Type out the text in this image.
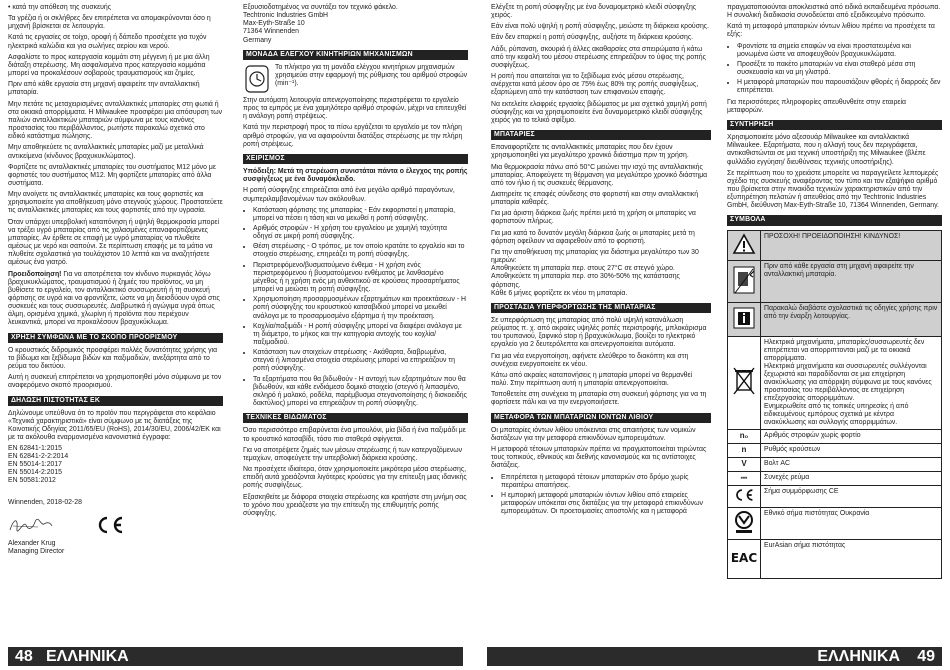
• κατά την απόθεση της συσκευής

Τα γρέζια ή οι σκλήθρες δεν επιτρέπεται να απομακρύνονται όσο η μηχανή βρίσκεται σε λειτουργία.

Κατά τις εργασίες σε τοίχο, οροφή ή δάπεδο προσέχετε για τυχόν ηλεκτρικά καλώδια και για σωλήνες αερίου και νερού.

Ασφαλίστε το προς κατεργασία κομμάτι στη μέγγενη ή με μια άλλη διάταξη στερέωσης. Μη ασφαλισμένα προς κατεργασία κομμάτια μπορεί να προκαλέσουν σοβαρούς τραυματισμούς και ζημίες.

Πριν από κάθε εργασία στη μηχανή αφαιρείτε την ανταλλακτική μπαταρία.

Μην πετάτε τις μεταχειρισμένες ανταλλακτικές μπαταρίες στη φωτιά ή στα οικιακά απορρίμματα. Η Milwaukee προσφέρει μια απόσυρση των παλιών ανταλλακτικών μπαταριών σύμφωνα με τους κανόνες προστασίας του περιβάλλοντος, ρωτήστε παρακαλώ σχετικά στο ειδικό κατάστημα πώλησης.

Μην αποθηκεύετε τις ανταλλακτικές μπαταρίες μαζί με μεταλλικά αντικείμενα (κίνδυνος βραχυκυκλώματος).

Φορτίζετε τις ανταλλακτικές μπαταρίες του συστήματος M12 μόνο με φορτιστές του συστήματος M12. Μη φορτίζετε μπαταρίες από άλλα συστήματα.

Μην ανοίγετε τις ανταλλακτικές μπαταρίες και τους φορτιστές και χρησιμοποιείτε για αποθήκευση μόνο στεγνούς χώρους. Προστατεύετε τις ανταλλακτικές μπαταρίες και τους φορτιστές από την υγρασία.

Όταν υπάρχει υπερβολική καταπόνηση ή υψηλή θερμοκρασία μπορεί να τρέξει υγρό μπαταρίας από τις χαλασμένες επαναφορτιζόμενες μπαταρίες. Αν έρθετε σε επαφή με υγρό μπαταρίας να πλυθείτε αμέσως με νερό και σαπούνι. Σε περίπτωση επαφής με τα μάτια να πλυθείτε σχολαστικά για τουλάχιστον 10 λεπτά και να αναζητήσετε αμέσως ένα γιατρό.

Προειδοποίηση! Για να αποτρέπεται τον κίνδυνο πυρκαγιάς λόγω βραχυκυκλώματος, τραυματισμού ή ζημιές του προϊόντος, να μη βυθίσετε το εργαλείο, τον ανταλλακτικό συσσωρευτή ή τη συσκευή φόρτισης σε υγρά και να φροντίζετε, ώστε να μη διεισδύουν υγρά στις συσκευές και τους συσσωρευτές. Διαβρωτικά ή αγώγιμα υγρά όπως άλμη, ορισμένα χημικά, χλωρίνη ή προϊόντα που περιέχουν λευκαντικά, μπορεί να προκαλέσουν βραχυκύκλωμα.

ΧΡΗΣΗ ΣΥΜΦΩΝΑ ΜΕ ΤΟ ΣΚΟΠΟ ΠΡΟΟΡΙΣΜΟΥ

Ο κρουστικός διδρομικός προσφέρει πολλές δυνατότητες χρήσης για το βίδωμα και ξεβίδωμα βιδών και παξιμαδιών, ανεξάρτητα από το ρεύμα του δικτύου.

Αυτή η συσκευή επιτρέπεται να χρησιμοποιηθεί μόνο σύμφωνα με τον αναφερόμενο σκοπό προορισμού.

ΔΗΛΩΣΗ ΠΙΣΤΟΤΗΤΑΣ ΕΚ

Δηλώνουμε υπεύθυνα ότι το προϊόν που περιγράφεται στο κεφάλαιο «Τεχνικά χαρακτηριστικά» είναι σύμφωνο με τις διατάξεις της Κοινοτικής Οδηγίας 2011/65/EU (RoHS), 2014/30/EU, 2006/42/EK και με τα ακόλουθα εναρμονισμένα κανονιστικά έγγραφα:

EN 62841-1:2015
EN 62841-2-2:2014
EN 55014-1:2017
EN 55014-2:2015
EN 50581:2012

Winnenden, 2018-02-28

Alexander Krug
Managing Director
Εξουσιοδοτημένος να συντάξει τον τεχνικό φάκελο.
Techtronic Industries GmbH
Max-Eyth-Straße 10
71364 Winnenden
Germany
ΜΟΝΑΔΑ ΕΛΕΓΧΟΥ ΚΙΝΗΤΗΡΙΩΝ ΜΗΧΑΝΙΣΜΩΝ
Το πλήκτρο για τη μονάδα ελέγχου κινητήριων μηχανισμών χρησιμεύει στην εφαρμογή της ρύθμισης του αριθμού στροφών (min⁻¹).

Στην αυτόματη λειτουργία απενεργοποίησης περιστρέφεται το εργαλείο προς τα εμπρός με ένα χαμηλότερο αριθμό στροφών, μέχρι να επιτευχθεί η ανάλογη ροπή στρέψεως.

Κατά την περιστροφή προς τα πίσω εργάζεται το εργαλείο με τον πλήρη αριθμό στροφών, για να αφαιρούνται διατάξεις στερέωσης με την πλήρη ροπή στρέψεως.

ΧΕΙΡΙΣΜΟΣ

Υπόδειξη: Μετά τη στερέωση συνιστάται πάντα ο έλεγχος της ροπής συσφίγξεως με ένα δυναμόκλειδο.

Η ροπή σύσφιγξης επηρεάζεται από ένα μεγάλο αριθμό παραγόντων, συμπεριλαμβανομένων των ακόλουθων.

• Κατάσταση φόρτισης της μπαταρίας - Εάν εκφορτιστεί η μπαταρία, μπορεί να πέσει η τάση και να μειωθεί η ροπή σύσφιγξης.
• Αριθμός στροφών - Η χρήση του εργαλείου με χαμηλή ταχύτητα οδηγεί σε μικρή ροπή σύσφιγξης.
• Θέση στερέωσης - Ο τρόπος, με τον οποίο κρατάτε το εργαλείο και το στοιχείο στερέωσης, επηρεάζει τη ροπή σύσφιγξης.
• Περιστρεφόμενο/βυσματούμενο ένθεμα - Η χρήση ενός περιστρεφόμενου ή βυσματούμενου ενθέματος με λανθασμένο μέγεθος ή η χρήση ενός μη ανθεκτικού σε κρούσεις προσαρτήματος μπορεί να μειώσει τη ροπή σύσφιγξης.
• Χρησιμοποίηση προσαρμοσμένων εξαρτημάτων και προεκτάσεων - Η ροπή σύσφιγξης του κρουστικού κατσαβιδιού μπορεί να μειωθεί ανάλογα με το προσαρμοσμένο εξάρτημα ή την προέκταση.
• Κοχλία/παξιμάδι - Η ροπή σύσφιγξης μπορεί να διαφέρει ανάλογα με τη διάμετρο, το μήκος και την κατηγορία αντοχής του κοχλία/παξιμαδιού.
• Κατάσταση των στοιχείων στερέωσης - Ακάθαρτα, διαβρωμένα, στεγνά ή λιπασμένα στοιχεία στερέωσης μπορεί να επηρεάζουν τη ροπή σύσφιγξης.
• Τα εξαρτήματα που θα βιδωθούν - Η αντοχή των εξαρτημάτων που θα βιδωθούν, και κάθε ενδιάμεσο δομικό στοιχείο (στεγνό ή λιπασμένο, σκληρό ή μαλακό, ροδέλα, παρέμβυσμα στεγανοποίησης ή δισκοειδής δακτύλιος) μπορεί να επηρεάζουν τη ροπή σύσφιγξης.
ΤΕΧΝΙΚΕΣ ΒΙΔΩΜΑΤΟΣ

Όσο περισσότερο επιβαρύνεται ένα μπουλόνι, μία βίδα ή ένα παξιμάδι με το κρουστικό κατσαβίδι, τόσο πιο σταθερά σφίγγεται.

Για να αποτρέψετε ζημιές των μέσων στερέωσης ή των κατεργαζόμενων τεμαχίων, αποφεύγετε την υπερβολική διάρκεια κρούσης.

Να προσέχετε ιδιαίτερα, όταν χρησιμοποιείτε μικρότερα μέσα στερέωσης, επειδή αυτά χρειάζονται λιγότερες κρούσεις για την επίτευξη μιας ιδανικής ροπής συσφίγξεως.

Εξασκηθείτε με διάφορα στοιχεία στερέωσης και κρατήστε στη μνήμη σας το χρόνο που χρειάζεστε για την επίτευξη της επιθυμητής ροπής σύσφιγξης.

Ελέγξτε τη ροπή σύσφιγξης με ένα δυναμομετρικό κλειδί σύσφιγξης χειρός.

Εάν είναι πολύ υψηλή η ροπή σύσφιγξης, μειώστε τη διάρκεια κρούσης.

Εάν δεν επαρκεί η ροπή σύσφιγξης, αυξήστε τη διάρκεια κρούσης.

Λάδι, ρύπανση, σκουριά ή άλλες ακαθαρσίες στα σπειρώματα ή κάτω από την κεφαλή του μέσου στερέωσης επηρεάζουν το ύψος της ροπής συσφίγξεως.

Η ροπή που απαιτείται για το ξεβίδωμα ενός μέσου στερέωσης, ανέρχεται κατά μέσον όρο σε 75% έως 80% της ροπής συσφίγξεως, εξαρτώμενη από την κατάσταση των επιφανειών επαφής.

Να εκτελείτε ελαφριές εργασίες βιδώματος με μια σχετικά χαμηλή ροπή σύσφιγξης και να χρησιμοποιείτε ένα δυναμομετρικό κλειδί σύσφιγξης χειρός για το τελικό σφίξιμο.

ΜΠΑΤΑΡΙΕΣ

Επαναφορτίζετε τις ανταλλακτικές μπαταρίες που δεν έχουν χρησιμοποιηθεί για μεγαλύτερο χρονικό διάστημα πριν τη χρήση.

Μια θερμοκρασία πάνω από 50°C μειώνει την ισχύ της ανταλλακτικής μπαταρίας. Αποφεύγετε τη θέρμανση για μεγαλύτερο χρονικό διάστημα από τον ήλιο ή τις συσκευές θέρμανσης.

Διατηρείτε τις επαφές σύνδεσης στο φορτιστή και στην ανταλλακτική μπαταρία καθαρές.

Για μια άριστη διάρκεια ζωής πρέπει μετά τη χρήση οι μπαταρίες να φορτιστούν πλήρως.

Για μια κατά το δυνατόν μεγάλη διάρκεια ζωής οι μπαταρίες μετά τη φόρτιση οφείλουν να αφαιρεθούν από το φορτιστή.

Για την αποθήκευση της μπαταρίας για διάστημα μεγαλύτερο των 30 ημερών:
Αποθηκεύετε τη μπαταρία περ. στους 27°C σε στεγνό χώρο.
Αποθηκεύετε τη μπαταρία περ. στο 30%-50% της κατάστασης φόρτισης.
Κάθε 6 μήνες φορτίζετε εκ νέου τη μπαταρία.

ΠΡΟΣΤΑΣΙΑ ΥΠΕΡΦΟΡΤΩΣΗΣ ΤΗΣ ΜΠΑΤΑΡΙΑΣ

Σε υπερφόρτωση της μπαταρίας από πολύ υψηλή κατανάλωση ρεύματος π. χ. από ακραίες υψηλές ροπές περιστροφής, μπλοκάρισμα του τρυπανιού, ξαφνικό stop ή βραχυκύκλωμα, βουίζει το ηλεκτρικό εργαλείο για 2 δευτερόλεπτα και απενεργοποιείται αυτόματα.

Για μια νέα ενεργοποίηση, αφήνετε ελεύθερο το διακόπτη και στη συνέχεια ενεργοποιείτε εκ νέου.

Κάτω από ακραίες καταπονήσεις η μπαταρία μπορεί να θερμανθεί πολύ. Στην περίπτωση αυτή η μπαταρία απενεργοποιείται.

Τοποθετείτε στη συνέχεια τη μπαταρία στη συσκευή φόρτισης για να τη φορτίσετε πάλι και να την ενεργοποιήσετε.

ΜΕΤΑΦΟΡΑ ΤΩΝ ΜΠΑΤΑΡΙΩΝ ΙΟΝΤΩΝ ΛΙΘΙΟΥ

Οι μπαταρίες ιόντων λιθίου υπόκεινται στις απαιτήσεις των νομικών διατάξεων για την μεταφορά επικινδύνων εμπορευμάτων.

Η μεταφορά τέτοιων μπαταριών πρέπει να πραγματοποιείται τηρώντας τους τοπικούς, εθνικούς και διεθνής κανονισμούς και τις αντίστοιχες διατάξεις.

• Επιτρέπεται η μεταφορά τέτοιων μπαταριών στο δρόμο χωρίς περαιτέρω απαιτήσεις.
• Η εμπορική μεταφορά μπαταριών ιόντων λιθίου από εταιρείες μεταφορών υπόκειται στις διατάξεις για την μεταφορά επικινδύνων εμπορευμάτων. Οι προετοιμασίες αποστολής και η μεταφορά

πραγματοποιούνται αποκλειστικά από ειδικά εκπαιδευμένα πρόσωπα. Η συνολική διαδικασία συνοδεύεται από εξειδικευμένο πρόσωπο.

Κατά τη μεταφορά μπαταριών ιόντων λιθίου πρέπει να προσέχετε τα εξής:

• Φροντίστε τα σημεία επαφών να είναι προστατευμένα και μονωμένα ώστε να αποφευχθούν βραχυκυκλώματα.
• Προσέξτε το πακέτο μπαταριών να είναι σταθερό μέσα στη συσκευασία και να μη γλιστρά.
• Η μεταφορά μπαταριών που παρουσιάζουν φθορές ή διαρροές δεν επιτρέπεται.

Για περισσότερες πληροφορίες απευθυνθείτε στην εταιρεία μεταφορών.

ΣΥΝΤΗΡΗΣΗ

Χρησιμοποιείτε μόνο αξεσουάρ Milwaukee και ανταλλακτικά Milwaukee. Εξαρτήματα, που η αλλαγή τους δεν περιγράφεται, αντικαθιστώνται σε μια τεχνική υποστήριξη της Milwaukee (βλέπε φυλλάδιο εγγύηση/ διευθύνσεις τεχνικής υποστήριξης).

Σε περίπτωση που το χρειάστε μπορείτε να παραγγείλετε λεπτομερές σχέδιο της συσκευής αναφέροντας τον τύπο και τον εξαψήφιο αριθμό που βρίσκεται στην πινακίδα τεχνικών χαρακτηριστικών από την εξυπηρέτηση πελατών ή απευθείας από την Techtronic Industries GmbH, διεύθυνση Max-Eyth-Straße 10, 71364 Winnenden, Germany.

ΣΥΜΒΟΛΑ
	ΠΡΟΣΟΧΗ! ΠΡΟΕΙΔΟΠΟΙΗΣΗ! ΚΙΝΔΥΝΟΣ!
	Πριν από κάθε εργασία στη μηχανή αφαιρείτε την ανταλλακτική μπαταρία.
	Παρακαλώ διαβάστε σχολαστικά τις οδηγίες χρήσης πριν από την έναρξη λειτουργίας.
	Ηλεκτρικά μηχανήματα, μπαταρίες/συσσωρευτές δεν επιτρέπεται να απορριπτονται μαζί με τα οικιακά απορρίμματα.
Ηλεκτρικά μηχανήματα και συσσωρευτές συλλέγονται ξεχωριστά και παραδίδονται σε μια επιχείρηση ανακύκλωσης για απόρριψη σύμφωνα με τους κανόνες προστασίας του περιβάλλοντος σε επιχείρηση επεξεργασίας απορριμμάτων.
Ενημερωθείτε από τις τοπικές υπηρεσίες ή από ειδικευμένους εμπόρους σχετικά με κέντρα ανακύκλωσης και συλλογής απορριμμάτων.
n₀	Αριθμός στροφών χωρίς φορτίο
n	Ρυθμός κρούσεων
V	Βολτ AC
⎓	Συνεχές ρεύμα
	Σήμα συμμόρφωσης CE
	Εθνικό σήμα πιστότητας Ουκρανία

EAC	EurAsian σήμα πιστότητας
48 ΕΛΛΗΝΙΚΑ	ΕΛΛΗΝΙΚΑ 49
